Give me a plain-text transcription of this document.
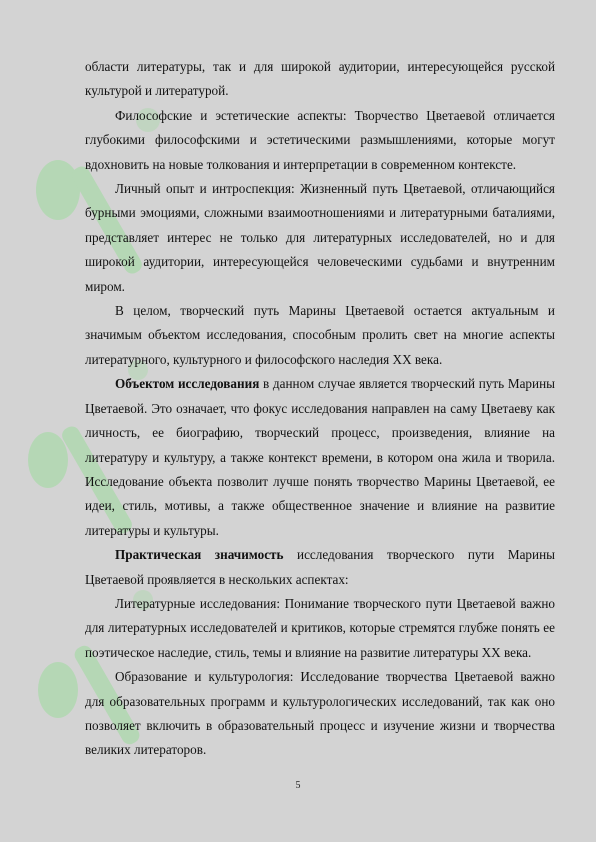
области литературы, так и для широкой аудитории, интересующейся русской культурой и литературой.

Философские и эстетические аспекты: Творчество Цветаевой отличается глубокими философскими и эстетическими размышлениями, которые могут вдохновить на новые толкования и интерпретации в современном контексте.

Личный опыт и интроспекция: Жизненный путь Цветаевой, отличающийся бурными эмоциями, сложными взаимоотношениями и литературными баталиями, представляет интерес не только для литературных исследователей, но и для широкой аудитории, интересующейся человеческими судьбами и внутренним миром.

В целом, творческий путь Марины Цветаевой остается актуальным и значимым объектом исследования, способным пролить свет на многие аспекты литературного, культурного и философского наследия XX века.

Объектом исследования в данном случае является творческий путь Марины Цветаевой. Это означает, что фокус исследования направлен на саму Цветаеву как личность, ее биографию, творческий процесс, произведения, влияние на литературу и культуру, а также контекст времени, в котором она жила и творила. Исследование объекта позволит лучше понять творчество Марины Цветаевой, ее идеи, стиль, мотивы, а также общественное значение и влияние на развитие литературы и культуры.

Практическая значимость исследования творческого пути Марины Цветаевой проявляется в нескольких аспектах:

Литературные исследования: Понимание творческого пути Цветаевой важно для литературных исследователей и критиков, которые стремятся глубже понять ее поэтическое наследие, стиль, темы и влияние на развитие литературы XX века.

Образование и культурология: Исследование творчества Цветаевой важно для образовательных программ и культурологических исследований, так как оно позволяет включить в образовательный процесс и изучение жизни и творчества великих литераторов.

5
